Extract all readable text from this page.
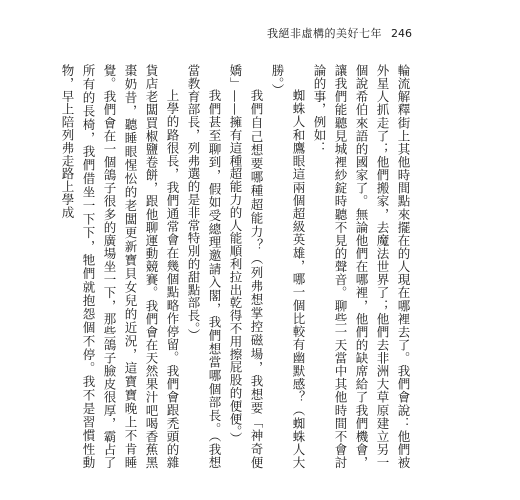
我絕非虛構的美好七年 246

輪流解釋街上其他時間點來擺在的人現在哪裡去了。我們會說：他們被外星人抓走了；他們搬家，去魔法世界了；他們去非洲大草原建立另一個說希伯來語的國家了。無論他們在哪裡，他們的缺席給了我們機會，讓我們能聽見城裡紗錠時聽不見的聲音。聊些一天當中其他時間不會討論的事，例如：

蜘蛛人和鷹眼這兩個超級英雄，哪一個比較有幽默感？（蜘蛛人大勝。）

我們自己想要哪種超能力？（列弗想掌控磁場，我想要「神奇便嬌」——擁有這種超能力的人能順利拉出乾得不用擦屁股的便便。）

我們甚至聊到，假如受總理邀請入閣，我們想當哪個部長。（我想當教育部長，列弗選的是非常特別的甜點部長。）

上學的路很長，我們通常會在幾個點略作停留。我們會跟禿頭的雜貨店老闆買椒鹽卷餅，跟他聊運動競賽。我們會在天然果汁吧喝香蕉黑棗奶昔，聽睡眼惺忪的老闆更新寶貝女兒的近況，這寶寶晚上不肯睡覺。我們會在一個鴿子很多的廣場坐一下，那些鴿子臉皮很厚，霸占了所有的長椅，我們借坐一下下，牠們就抱怨個不停。我不是習慣性動物，早上陪列弗走路上學成
